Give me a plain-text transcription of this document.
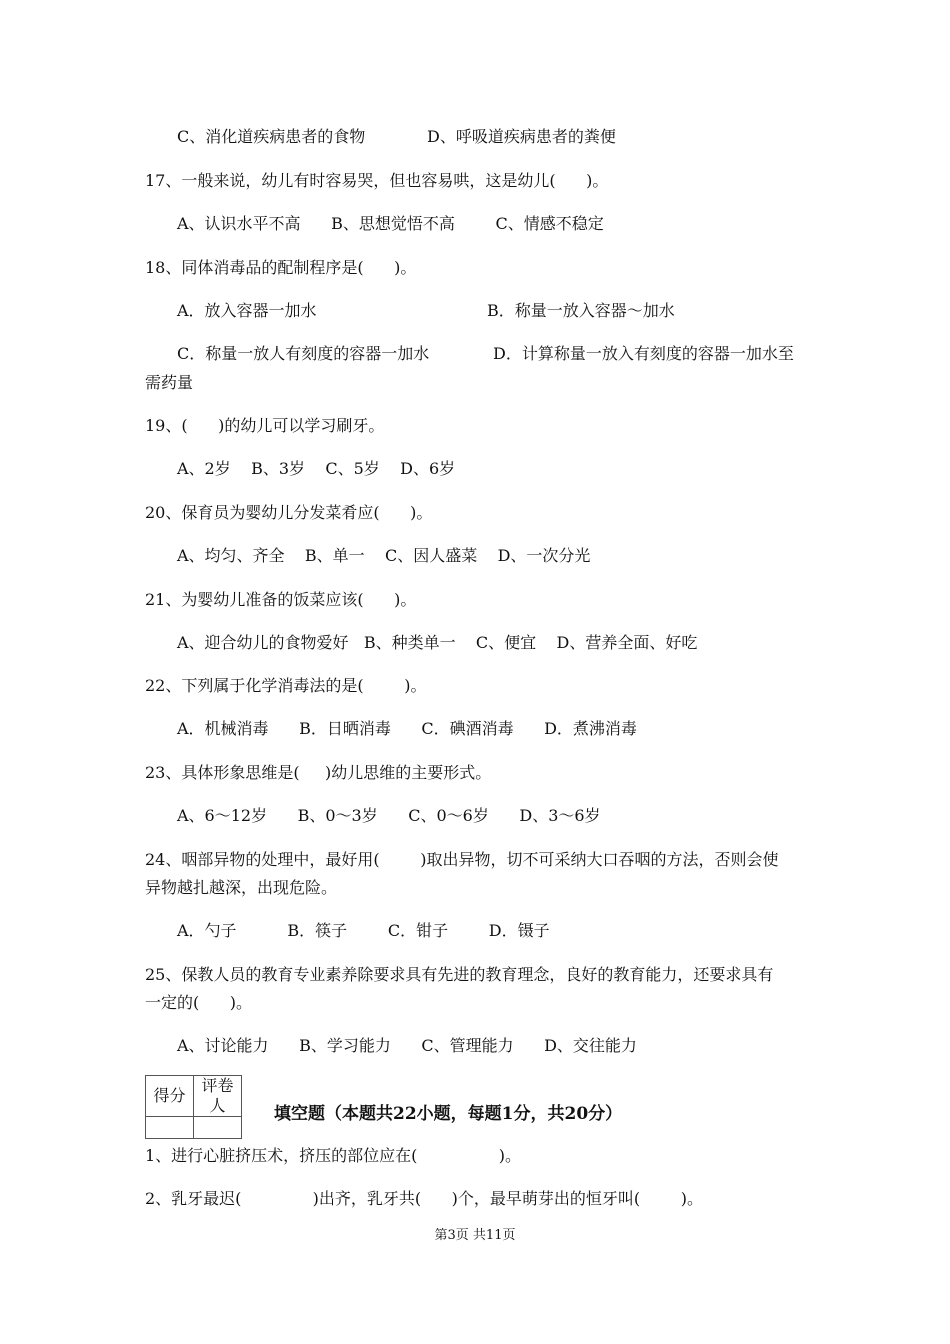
C、消化道疾病患者的食物	D、呼吸道疾病患者的粪便
17、一般来说，幼儿有时容易哭，但也容易哄，这是幼儿(      )。
A、认识水平不高      B、思想觉悟不高        C、情感不稳定
18、同体消毒品的配制程序是(      )。
A．放入容器一加水	B．称量一放入容器～加水
C．称量一放人有刻度的容器一加水	D．计算称量一放入有刻度的容器一加水至
需药量
19、(      )的幼儿可以学习刷牙。
A、2岁    B、3岁    C、5岁    D、6岁
20、保育员为婴幼儿分发菜肴应(      )。
A、均匀、齐全    B、单一    C、因人盛菜    D、一次分光
21、为婴幼儿准备的饭菜应该(      )。
A、迎合幼儿的食物爱好   B、种类单一    C、便宜    D、营养全面、好吃
22、下列属于化学消毒法的是(        )。
A．机械消毒      B．日晒消毒      C．碘酒消毒      D．煮沸消毒
23、具体形象思维是(     )幼儿思维的主要形式。
A、6～12岁      B、0～3岁      C、0～6岁      D、3～6岁
24、咽部异物的处理中，最好用(        )取出异物，切不可采纳大口吞咽的方法，否则会使
异物越扎越深，出现危险。
A．勺子          B．筷子        C．钳子        D．镊子
25、保教人员的教育专业素养除要求具有先进的教育理念，良好的教育能力，还要求具有
一定的(      )。
A、讨论能力      B、学习能力      C、管理能力      D、交往能力
得分	评卷人
		填空题（本题共22小题，每题1分，共20分）
1、进行心脏挤压术，挤压的部位应在(                )。
2、乳牙最迟(              )出齐，乳牙共(      )个，最早萌芽出的恒牙叫(        )。
第3页 共11页
